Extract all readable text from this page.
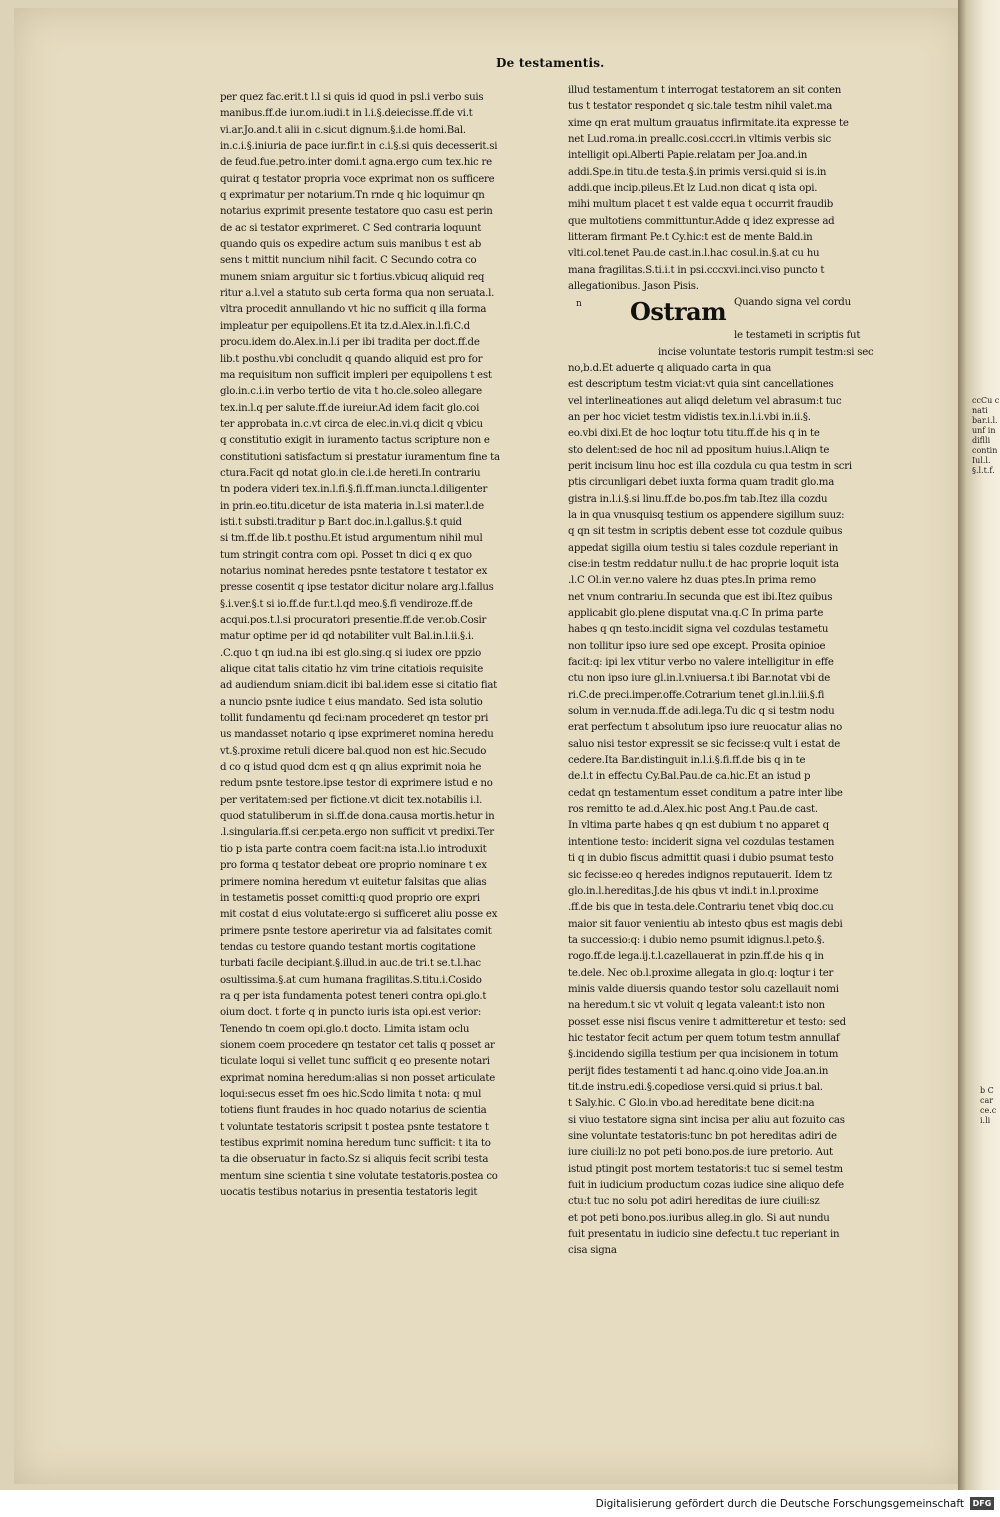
ccCu c
nati
bar.i.l.
unf in
diflli
contin
Iul.l.
§.l.t.f.
b C
car
ce.c
i.li
De testamentis.
per quez fac.erit.t l.l si quis id quod in psl.i verbo suis
manibus.ff.de iur.om.iudi.t in l.i.§.deiecisse.ff.de vi.t
vi.ar.Jo.and.t alii in c.sicut dignum.§.i.de homi.Bal.
in.c.i.§.iniuria de pace iur.fir.t in c.i.§.si quis decesserit.si
de feud.fue.petro.inter domi.t agna.ergo cum tex.hic re
quirat q testator propria voce exprimat non os sufficere
q exprimatur per notarium.Tn rnde q hic loquimur qn
notarius exprimit presente testatore quo casu est perin
de ac si testator exprimeret. C Sed contraria loquunt
quando quis os expedire actum suis manibus t est ab
sens t mittit nuncium nihil facit. C Secundo cotra co
munem sniam arguitur sic t fortius.vbicuq aliquid req
ritur a.l.vel a statuto sub certa forma qua non seruata.l.
vltra procedit annullando vt hic no sufficit q illa forma
impleatur per equipollens.Et ita tz.d.Alex.in.l.fi.C.d
procu.idem do.Alex.in.l.i per ibi tradita per doct.ff.de
lib.t posthu.vbi concludit q quando aliquid est pro for
ma requisitum non sufficit impleri per equipollens t est
glo.in.c.i.in verbo tertio de vita t ho.cle.soleo allegare
tex.in.l.q per salute.ff.de iureiur.Ad idem facit glo.coi
ter approbata in.c.vt circa de elec.in.vi.q dicit q vbicu
q constitutio exigit in iuramento tactus scripture non e
constitutioni satisfactum si prestatur iuramentum fine ta
ctura.Facit qd notat glo.in cle.i.de hereti.In contrariu
tn podera videri tex.in.l.fi.§.fi.ff.man.iuncta.l.diligenter
in prin.eo.titu.dicetur de ista materia in.l.si mater.l.de
isti.t substi.traditur p Bar.t doc.in.l.gallus.§.t quid
si tm.ff.de lib.t posthu.Et istud argumentum nihil mul
tum stringit contra com opi. Posset tn dici q ex quo
notarius nominat heredes psnte testatore t testator ex
presse cosentit q ipse testator dicitur nolare arg.l.fallus
§.i.ver.§.t si io.ff.de fur.t.l.qd meo.§.fi vendiroze.ff.de
acqui.pos.t.l.si procuratori presentie.ff.de ver.ob.Cosir
matur optime per id qd notabiliter vult Bal.in.l.ii.§.i.
.C.quo t qn iud.na ibi est glo.sing.q si iudex ore ppzio
alique citat talis citatio hz vim trine citatiois requisite
ad audiendum sniam.dicit ibi bal.idem esse si citatio fiat
a nuncio psnte iudice t eius mandato. Sed ista solutio
tollit fundamentu qd feci:nam procederet qn testor pri
us mandasset notario q ipse exprimeret nomina heredu
vt.§.proxime retuli dicere bal.quod non est hic.Secudo
d co q istud quod dcm est q qn alius exprimit noia he
redum psnte testore.ipse testor di exprimere istud e no
per veritatem:sed per fictione.vt dicit tex.notabilis i.l.
quod statuliberum in si.ff.de dona.causa mortis.hetur in
.l.singularia.ff.si cer.peta.ergo non sufficit vt predixi.Ter
tio p ista parte contra coem facit:na ista.l.io introduxit
pro forma q testator debeat ore proprio nominare t ex
primere nomina heredum vt euitetur falsitas que alias
in testametis posset comitti:q quod proprio ore expri
mit costat d eius volutate:ergo si sufficeret aliu posse ex
primere psnte testore aperiretur via ad falsitates comit
tendas cu testore quando testant mortis cogitatione
turbati facile decipiant.§.illud.in auc.de tri.t se.t.l.hac
osultissima.§.at cum humana fragilitas.S.titu.i.Cosido
ra q per ista fundamenta potest teneri contra opi.glo.t
oium doct. t forte q in puncto iuris ista opi.est verior:
Tenendo tn coem opi.glo.t docto. Limita istam oclu
sionem coem procedere qn testator cet talis q posset ar
ticulate loqui si vellet tunc sufficit q eo presente notari
exprimat nomina heredum:alias si non posset articulate
loqui:secus esset fm oes hic.Scdo limita t nota: q mul
totiens fiunt fraudes in hoc quado notarius de scientia
t voluntate testatoris scripsit t postea psnte testatore t
testibus exprimit nomina heredum tunc sufficit: t ita to
ta die obseruatur in facto.Sz si aliquis fecit scribi testa
mentum sine scientia t sine volutate testatoris.postea co
uocatis testibus notarius in presentia testatoris legit
illud testamentum t interrogat testatorem an sit conten
tus t testator respondet q sic.tale testm nihil valet.ma
xime qn erat multum grauatus infirmitate.ita expresse te
net Lud.roma.in preallc.cosi.cccri.in vltimis verbis sic
intelligit opi.Alberti Papie.relatam per Joa.and.in
addi.Spe.in titu.de testa.§.in primis versi.quid si is.in
addi.que incip.pileus.Et lz Lud.non dicat q ista opi.
mihi multum placet t est valde equa t occurrit fraudib
que multotiens committuntur.Adde q idez expresse ad
litteram firmant Pe.t Cy.hic:t est de mente Bald.in
vlti.col.tenet Pau.de cast.in.l.hac cosul.in.§.at cu hu
mana fragilitas.S.ti.i.t in psi.cccxvi.inci.viso puncto t
allegationibus. Jason Pisis.
n Ostram Quando signa vel cordu
le testameti in scriptis fut
incise voluntate testoris rumpit testm:si sec
no,b.d.Et aduerte q aliquado carta in qua
est descriptum testm viciat:vt quia sint cancellationes
vel interlineationes aut aliqd deletum vel abrasum:t tuc
an per hoc viciet testm vidistis tex.in.l.i.vbi in.ii.§.
eo.vbi dixi.Et de hoc loqtur totu titu.ff.de his q in te
sto delent:sed de hoc nil ad ppositum huius.l.Aliqn te
perit incisum linu hoc est illa cozdula cu qua testm in scri
ptis circunligari debet iuxta forma quam tradit glo.ma
gistra in.l.i.§.si linu.ff.de bo.pos.fm tab.Itez illa cozdu
la in qua vnusquisq testium os appendere sigillum suuz:
q qn sit testm in scriptis debent esse tot cozdule quibus
appedat sigilla oium testiu si tales cozdule reperiant in
cise:in testm reddatur nullu.t de hac proprie loquit ista
.l.C Ol.in ver.no valere hz duas ptes.In prima remo
net vnum contrariu.In secunda que est ibi.Itez quibus
applicabit glo.plene disputat vna.q.C In prima parte
habes q qn testo.incidit signa vel cozdulas testametu
non tollitur ipso iure sed ope except. Prosita opinioe
facit:q: ipi lex vtitur verbo no valere intelligitur in effe
ctu non ipso iure gl.in.l.vniuersa.t ibi Bar.notat vbi de
ri.C.de preci.imper.offe.Cotrarium tenet gl.in.l.iii.§.fi
solum in ver.nuda.ff.de adi.lega.Tu dic q si testm nodu
erat perfectum t absolutum ipso iure reuocatur alias no
saluo nisi testor expressit se sic fecisse:q vult i estat de
cedere.Ita Bar.distinguit in.l.i.§.fi.ff.de bis q in te
de.l.t in effectu Cy.Bal.Pau.de ca.hic.Et an istud p
cedat qn testamentum esset conditum a patre inter libe
ros remitto te ad.d.Alex.hic post Ang.t Pau.de cast.
In vltima parte habes q qn est dubium t no apparet q
intentione testo: inciderit signa vel cozdulas testamen
ti q in dubio fiscus admittit quasi i dubio psumat testo
sic fecisse:eo q heredes indignos reputauerit. Idem tz
glo.in.l.hereditas.J.de his qbus vt indi.t in.l.proxime
.ff.de bis que in testa.dele.Contrariu tenet vbiq doc.cu
maior sit fauor venientiu ab intesto qbus est magis debi
ta successio:q: i dubio nemo psumit idignus.l.peto.§.
rogo.ff.de lega.ij.t.l.cazellauerat in pzin.ff.de his q in
te.dele. Nec ob.l.proxime allegata in glo.q: loqtur i ter
minis valde diuersis quando testor solu cazellauit nomi
na heredum.t sic vt voluit q legata valeant:t isto non
posset esse nisi fiscus venire t admitteretur et testo: sed
hic testator fecit actum per quem totum testm annullaf
§.incidendo sigilla testium per qua incisionem in totum
perijt fides testamenti t ad hanc.q.oino vide Joa.an.in
tit.de instru.edi.§.copediose versi.quid si prius.t bal.
t Saly.hic. C Glo.in vbo.ad hereditate bene dicit:na
si viuo testatore signa sint incisa per aliu aut fozuito cas
sine voluntate testatoris:tunc bn pot hereditas adiri de
iure ciuili:lz no pot peti bono.pos.de iure pretorio. Aut
istud ptingit post mortem testatoris:t tuc si semel testm
fuit in iudicium productum cozas iudice sine aliquo defe
ctu:t tuc no solu pot adiri hereditas de iure ciuili:sz
et pot peti bono.pos.iuribus alleg.in glo. Si aut nundu
fuit presentatu in iudicio sine defectu.t tuc reperiant in
cisa signa
Digitalisierung gefördert durch die Deutsche Forschungsgemeinschaft	DFG
